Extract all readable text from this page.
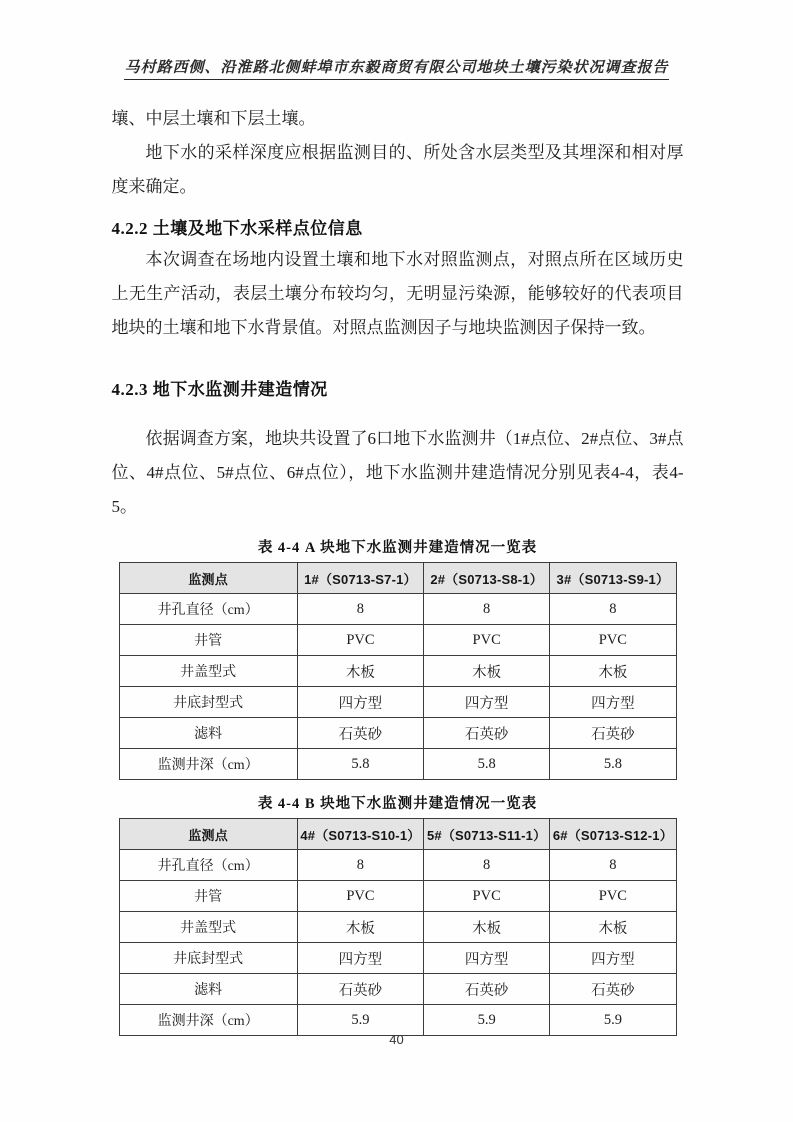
马村路西侧、沿淮路北侧蚌埠市东毅商贸有限公司地块土壤污染状况调查报告

壤、中层土壤和下层土壤。

地下水的采样深度应根据监测目的、所处含水层类型及其埋深和相对厚度来确定。

4.2.2 土壤及地下水采样点位信息

本次调查在场地内设置土壤和地下水对照监测点，对照点所在区域历史上无生产活动，表层土壤分布较均匀，无明显污染源，能够较好的代表项目地块的土壤和地下水背景值。对照点监测因子与地块监测因子保持一致。

4.2.3 地下水监测井建造情况

依据调查方案，地块共设置了6口地下水监测井（1#点位、2#点位、3#点位、4#点位、5#点位、6#点位），地下水监测井建造情况分别见表4-4，表4-5。

表 4-4 A 块地下水监测井建造情况一览表
监测点	1#（S0713-S7-1）	2#（S0713-S8-1）	3#（S0713-S9-1）
井孔直径（cm）	8	8	8
井管	PVC	PVC	PVC
井盖型式	木板	木板	木板
井底封型式	四方型	四方型	四方型
滤料	石英砂	石英砂	石英砂
监测井深（cm）	5.8	5.8	5.8
表 4-4 B 块地下水监测井建造情况一览表
监测点	4#（S0713-S10-1）	5#（S0713-S11-1）	6#（S0713-S12-1）
井孔直径（cm）	8	8	8
井管	PVC	PVC	PVC
井盖型式	木板	木板	木板
井底封型式	四方型	四方型	四方型
滤料	石英砂	石英砂	石英砂
监测井深（cm）	5.9	5.9	5.9
40
